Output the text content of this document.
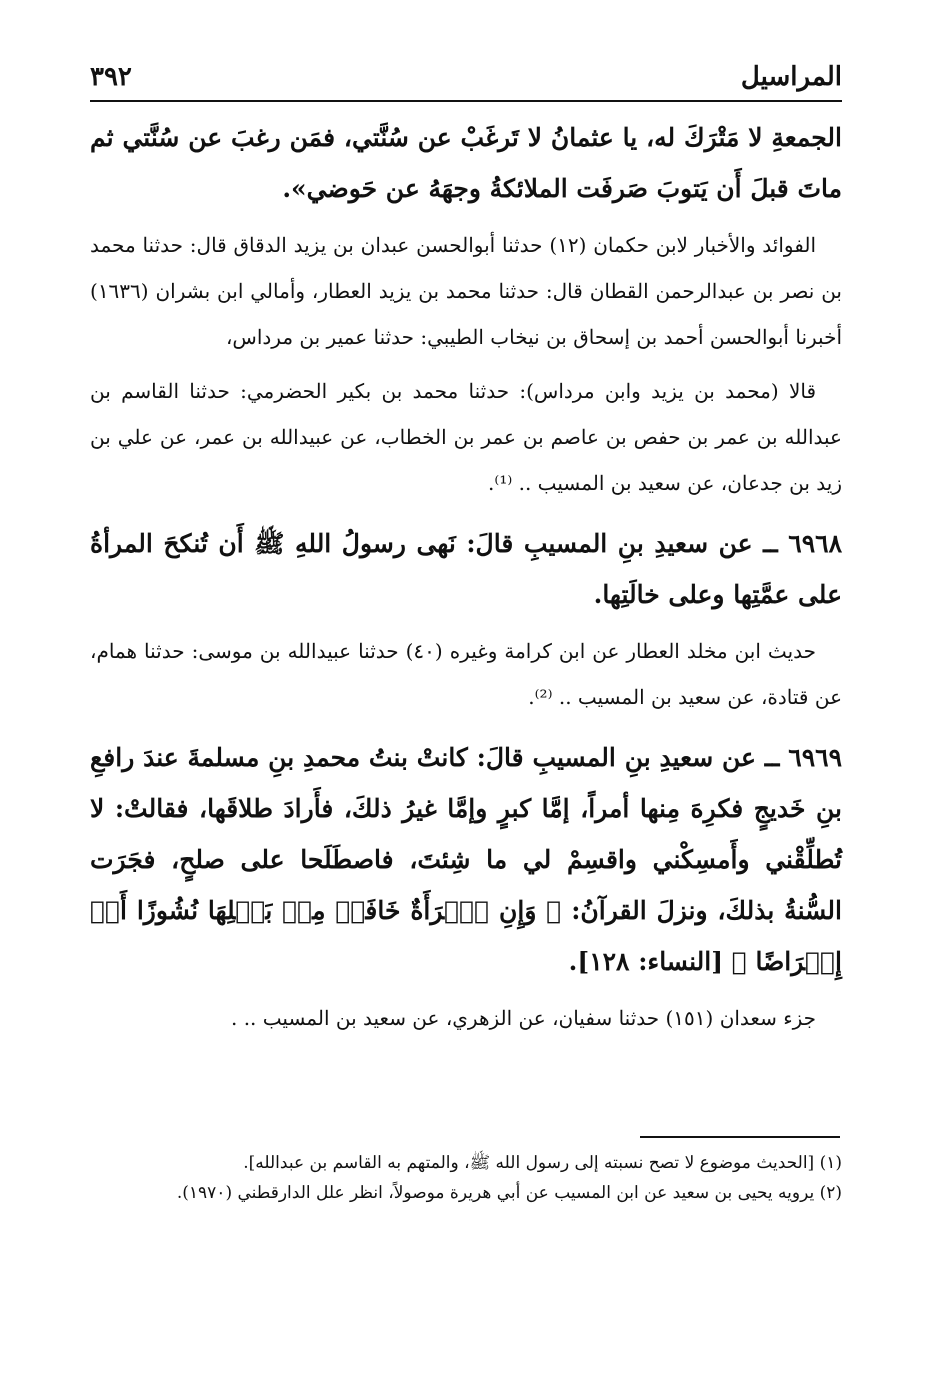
المراسيل
٣٩٢

الجمعةِ لا مَتْرَكَ له، يا عثمانُ لا تَرغَبْ عن سُنَّتي، فمَن رغبَ عن سُنَّتي ثم ماتَ قبلَ أَن يَتوبَ صَرفَت الملائكةُ وجهَهُ عن حَوضي».

الفوائد والأخبار لابن حكمان (١٢) حدثنا أبوالحسن عبدان بن يزيد الدقاق قال: حدثنا محمد بن نصر بن عبدالرحمن القطان قال: حدثنا محمد بن يزيد العطار، وأمالي ابن بشران (١٦٣٦) أخبرنا أبوالحسن أحمد بن إسحاق بن نيخاب الطيبي: حدثنا عمير بن مرداس،

قالا (محمد بن يزيد وابن مرداس): حدثنا محمد بن بكير الحضرمي: حدثنا القاسم بن عبدالله بن عمر بن حفص بن عاصم بن عمر بن الخطاب، عن عبيدالله بن عمر، عن علي بن زيد بن جدعان، عن سعيد بن المسيب .. ⁽¹⁾.

٦٩٦٨ ــ عن سعيدِ بنِ المسيبِ قالَ: نَهى رسولُ اللهِ ﷺ أَن تُنكحَ المرأةُ على عمَّتِها وعلى خالَتِها.

حديث ابن مخلد العطار عن ابن كرامة وغيره (٤٠) حدثنا عبيدالله بن موسى: حدثنا همام، عن قتادة، عن سعيد بن المسيب .. ⁽²⁾.

٦٩٦٩ ــ عن سعيدِ بنِ المسيبِ قالَ: كانتْ بنتُ محمدِ بنِ مسلمةَ عندَ رافعِ بنِ خَديجٍ فكرِهَ مِنها أمراً، إمَّا كبرٍ وإمَّا غيرُ ذلكَ، فأَرادَ طلاقَها، فقالتْ: لا تُطلِّقْني وأَمسِكْني واقسِمْ لي ما شِئتَ، فاصطَلَحا على صلحٍ، فجَرَت السُّنةُ بذلكَ، ونزلَ القرآنُ: ﴿ وَإِنِ ٱمۡرَأَةٌ خَافَتۡ مِنۢ بَعۡلِهَا نُشُوزًا أَوۡ إِعۡرَاضًا ﴾ [النساء: ١٢٨].

جزء سعدان (١٥١) حدثنا سفيان، عن الزهري، عن سعيد بن المسيب .. .

(١) [الحديث موضوع لا تصح نسبته إلى رسول الله ﷺ، والمتهم به القاسم بن عبدالله].

(٢) يرويه يحيى بن سعيد عن ابن المسيب عن أبي هريرة موصولاً، انظر علل الدارقطني (١٩٧٠).
